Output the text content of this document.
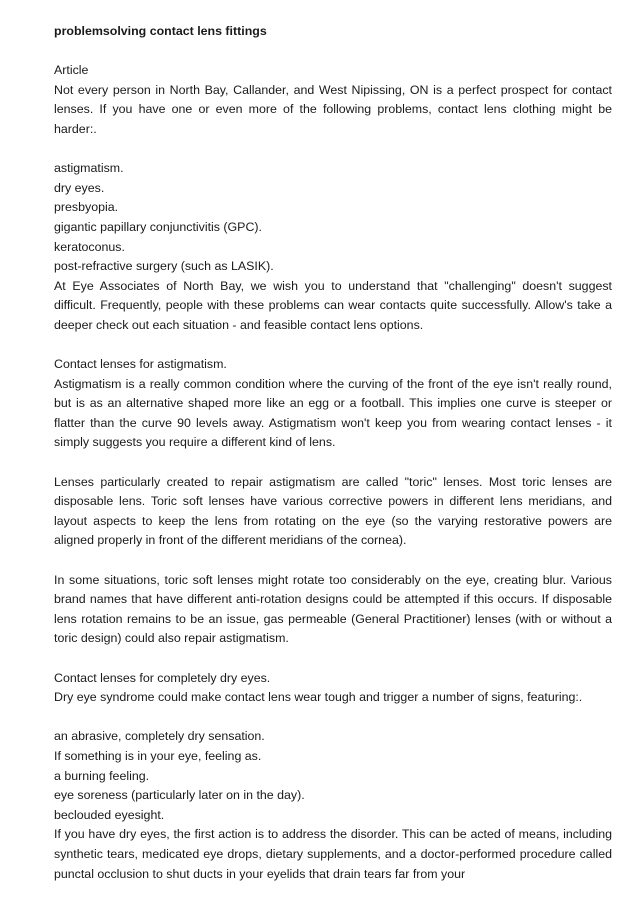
problemsolving contact lens fittings

Article

Not every person in North Bay, Callander, and West Nipissing, ON is a perfect prospect for contact lenses. If you have one or even more of the following problems, contact lens clothing might be harder:.

astigmatism.
dry eyes.
presbyopia.
gigantic papillary conjunctivitis (GPC).
keratoconus.
post-refractive surgery (such as LASIK).

At Eye Associates of North Bay, we wish you to understand that "challenging" doesn't suggest difficult. Frequently, people with these problems can wear contacts quite successfully. Allow's take a deeper check out each situation - and feasible contact lens options.

Contact lenses for astigmatism.

Astigmatism is a really common condition where the curving of the front of the eye isn't really round, but is as an alternative shaped more like an egg or a football. This implies one curve is steeper or flatter than the curve 90 levels away. Astigmatism won't keep you from wearing contact lenses - it simply suggests you require a different kind of lens.

Lenses particularly created to repair astigmatism are called "toric" lenses. Most toric lenses are disposable lens. Toric soft lenses have various corrective powers in different lens meridians, and layout aspects to keep the lens from rotating on the eye (so the varying restorative powers are aligned properly in front of the different meridians of the cornea).

In some situations, toric soft lenses might rotate too considerably on the eye, creating blur. Various brand names that have different anti-rotation designs could be attempted if this occurs. If disposable lens rotation remains to be an issue, gas permeable (General Practitioner) lenses (with or without a toric design) could also repair astigmatism.

Contact lenses for completely dry eyes.

Dry eye syndrome could make contact lens wear tough and trigger a number of signs, featuring:.

an abrasive, completely dry sensation.
If something is in your eye, feeling as.
a burning feeling.
eye soreness (particularly later on in the day).
beclouded eyesight.

If you have dry eyes, the first action is to address the disorder. This can be acted of means, including synthetic tears, medicated eye drops, dietary supplements, and a doctor-performed procedure called punctal occlusion to shut ducts in your eyelids that drain tears far from your
